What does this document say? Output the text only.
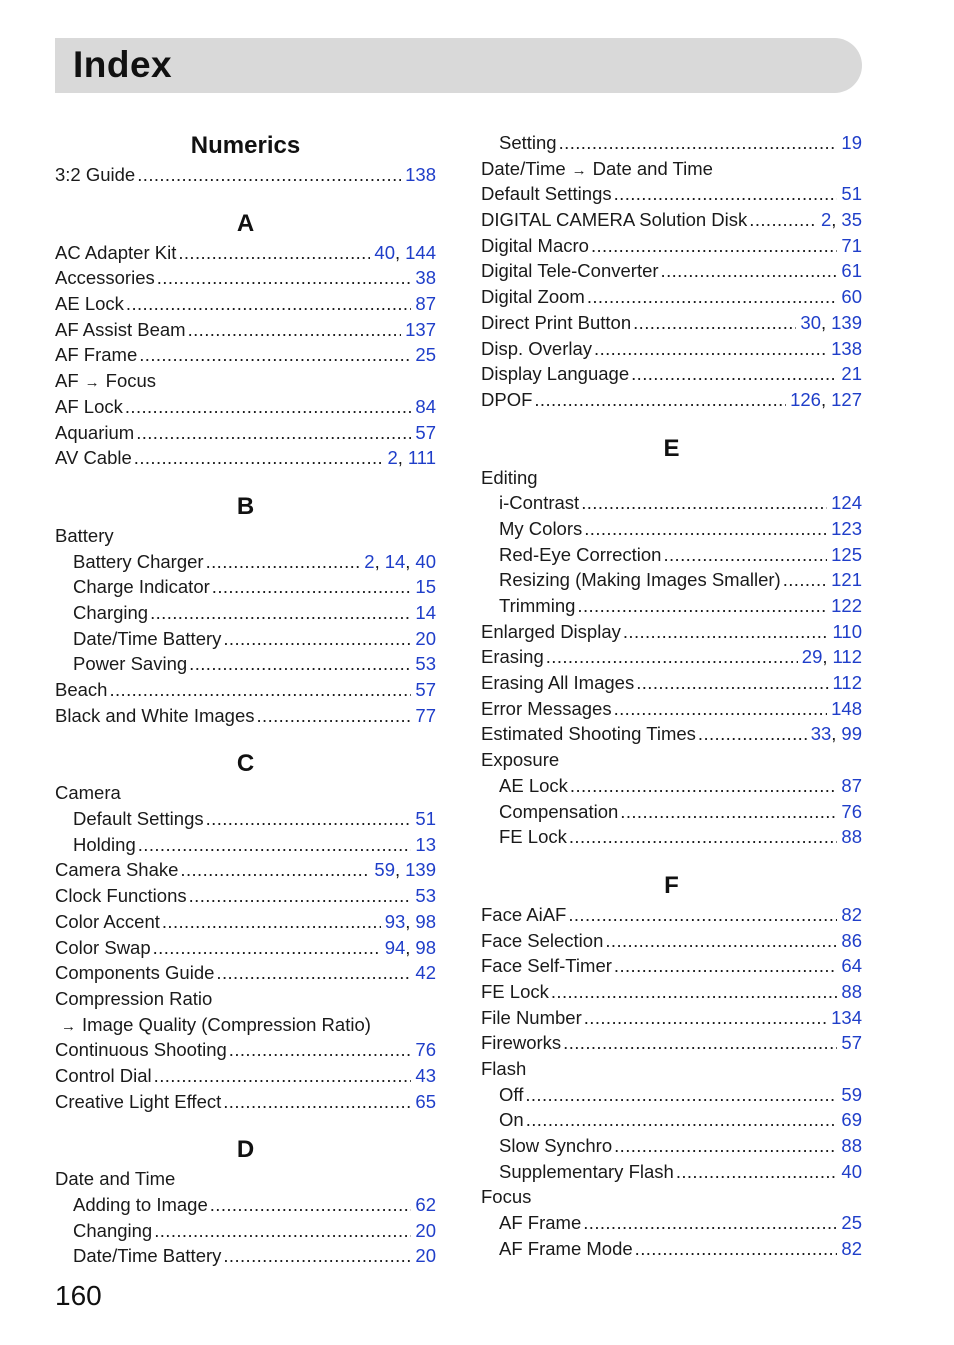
Index
Numerics
3:2 Guide .....	138
A
AC Adapter Kit .....	40, 144
Accessories .....	38
AE Lock .....	87
AF Assist Beam .....	137
AF Frame .....	25
AF → Focus
AF Lock .....	84
Aquarium .....	57
AV Cable .....	2, 111
B
Battery
Battery Charger .....	2, 14, 40
Charge Indicator .....	15
Charging .....	14
Date/Time Battery .....	20
Power Saving .....	53
Beach .....	57
Black and White Images .....	77
C
Camera
Default Settings .....	51
Holding .....	13
Camera Shake .....	59, 139
Clock Functions .....	53
Color Accent .....	93, 98
Color Swap .....	94, 98
Components Guide .....	42
Compression Ratio
→ Image Quality (Compression Ratio)
Continuous Shooting .....	76
Control Dial .....	43
Creative Light Effect .....	65
D
Date and Time
Adding to Image .....	62
Changing .....	20
Date/Time Battery .....	20
Setting .....	19
Date/Time → Date and Time
Default Settings .....	51
DIGITAL CAMERA Solution Disk .....	2, 35
Digital Macro .....	71
Digital Tele-Converter .....	61
Digital Zoom .....	60
Direct Print Button .....	30, 139
Disp. Overlay .....	138
Display Language .....	21
DPOF .....	126, 127
E
Editing
i-Contrast .....	124
My Colors .....	123
Red-Eye Correction .....	125
Resizing (Making Images Smaller) .....	121
Trimming .....	122
Enlarged Display .....	110
Erasing .....	29, 112
Erasing All Images .....	112
Error Messages .....	148
Estimated Shooting Times .....	33, 99
Exposure
AE Lock .....	87
Compensation .....	76
FE Lock .....	88
F
Face AiAF .....	82
Face Selection .....	86
Face Self-Timer .....	64
FE Lock .....	88
File Number .....	134
Fireworks .....	57
Flash
Off .....	59
On .....	69
Slow Synchro .....	88
Supplementary Flash .....	40
Focus
AF Frame .....	25
AF Frame Mode .....	82
160
